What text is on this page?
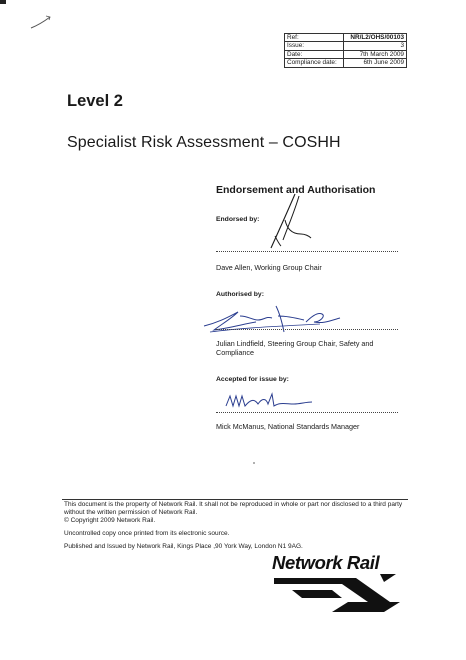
Ref:	NR/L2/OHS/00103
Issue:	3
Date:	7th March 2009
Compliance date:	6th June 2009
Level 2
Specialist Risk Assessment – COSHH
Endorsement and Authorisation
Endorsed by:
Dave Allen, Working Group Chair
Authorised by:
Julian Lindfield, Steering Group Chair, Safety and Compliance
Accepted for issue by:
Mick McManus, National Standards Manager
This document is the property of Network Rail. It shall not be reproduced in whole or part nor disclosed to a third party without the written permission of Network Rail.
© Copyright 2009 Network Rail.
Uncontrolled copy once printed from its electronic source.
Published and Issued by Network Rail, Kings Place ,90 York Way, London N1 9AG.
Network Rail
